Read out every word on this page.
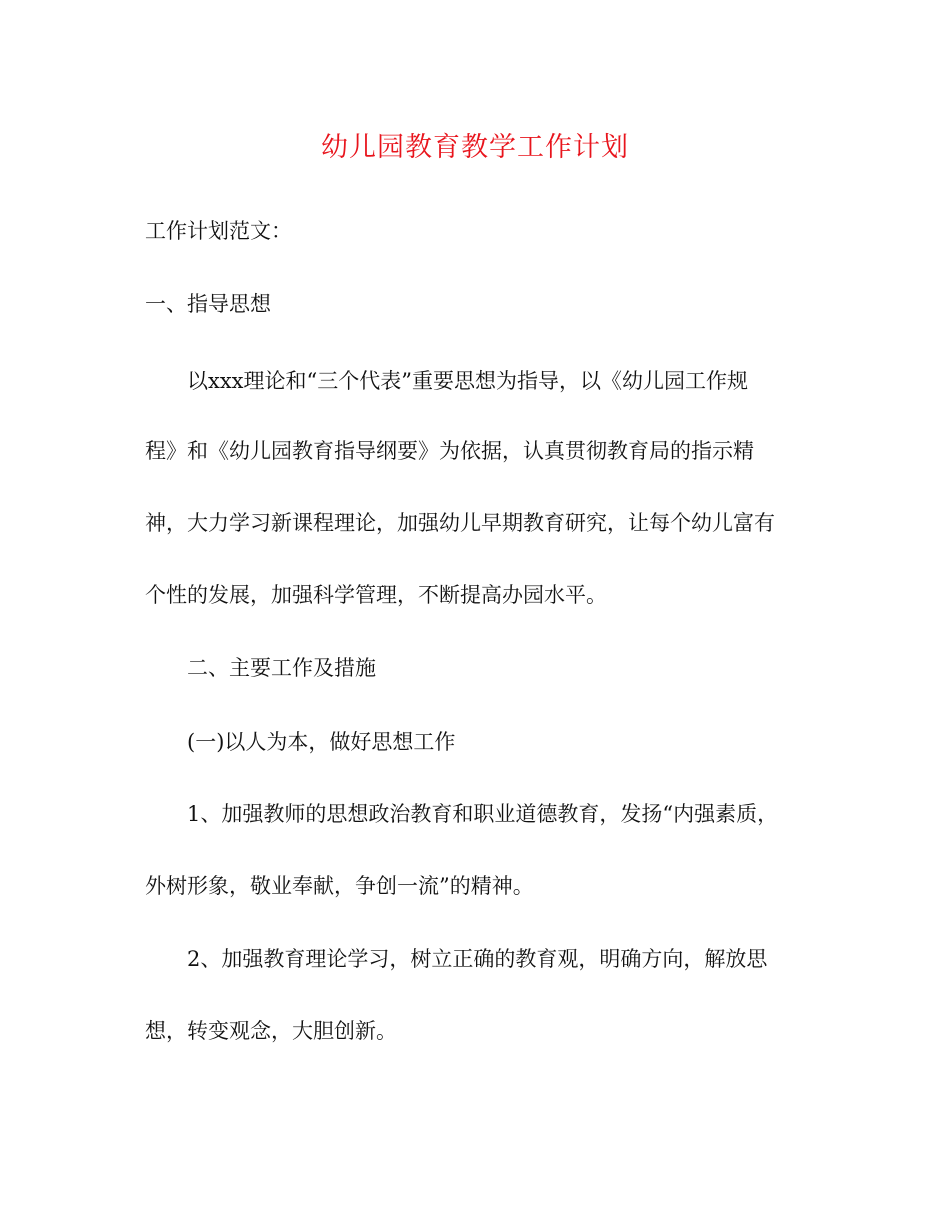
幼儿园教育教学工作计划
工作计划范文：
一、指导思想
以xxx理论和“三个代表”重要思想为指导，以《幼儿园工作规
程》和《幼儿园教育指导纲要》为依据，认真贯彻教育局的指示精
神，大力学习新课程理论，加强幼儿早期教育研究，让每个幼儿富有
个性的发展，加强科学管理，不断提高办园水平。
二、主要工作及措施
(一)以人为本，做好思想工作
1、加强教师的思想政治教育和职业道德教育，发扬“内强素质，
外树形象，敬业奉献，争创一流”的精神。
2、加强教育理论学习，树立正确的教育观，明确方向，解放思
想，转变观念，大胆创新。
